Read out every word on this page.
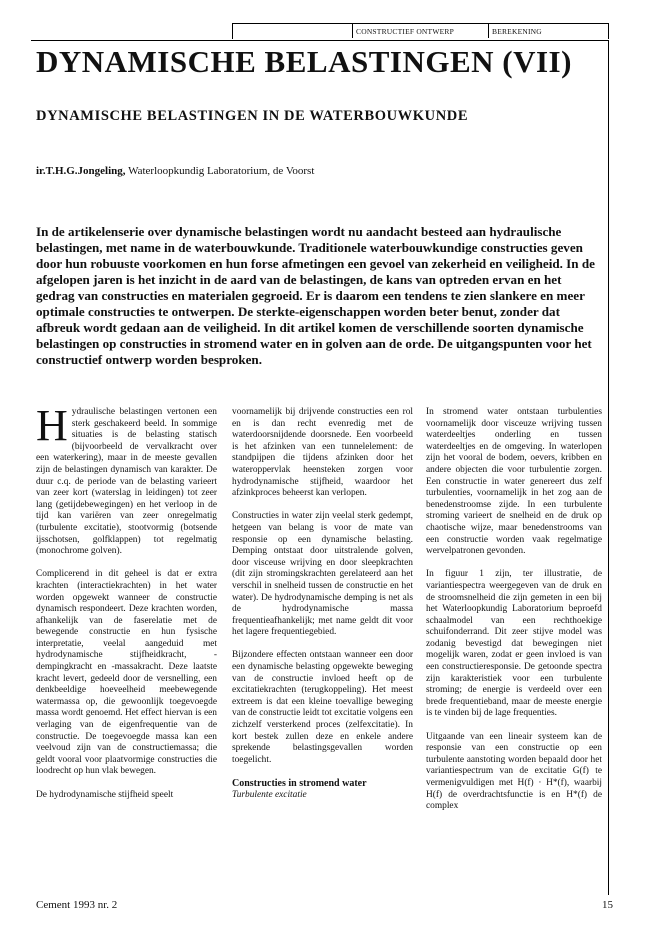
CONSTRUCTIEF ONTWERP	BEREKENING
DYNAMISCHE BELASTINGEN (VII)
DYNAMISCHE BELASTINGEN IN DE WATERBOUWKUNDE
ir.T.H.G.Jongeling, Waterloopkundig Laboratorium, de Voorst
In de artikelenserie over dynamische belastingen wordt nu aandacht besteed aan hydraulische belastingen, met name in de waterbouwkunde. Traditionele waterbouwkundige constructies geven door hun robuuste voorkomen en hun forse afmetingen een gevoel van zekerheid en veiligheid. In de afgelopen jaren is het inzicht in de aard van de belastingen, de kans van optreden ervan en het gedrag van constructies en materialen gegroeid. Er is daarom een tendens te zien slankere en meer optimale constructies te ontwerpen. De sterkte-eigenschappen worden beter benut, zonder dat afbreuk wordt gedaan aan de veiligheid. In dit artikel komen de verschillende soorten dynamische belastingen op constructies in stromend water en in golven aan de orde. De uitgangspunten voor het constructief ontwerp worden besproken.

Hydraulische belastingen vertonen een sterk geschakeerd beeld. In sommige situaties is de belasting statisch (bijvoorbeeld de vervalkracht over een waterkering), maar in de meeste gevallen zijn de belastingen dynamisch van karakter. De duur c.q. de periode van de belasting varieert van zeer kort (waterslag in leidingen) tot zeer lang (getijdebewegingen) en het verloop in de tijd kan variëren van zeer onregelmatig (turbulente excitatie), stootvormig (botsende ijsschotsen, golfklappen) tot regelmatig (monochrome golven).

Complicerend in dit geheel is dat er extra krachten (interactiekrachten) in het water worden opgewekt wanneer de constructie dynamisch respondeert. Deze krachten worden, afhankelijk van de faserelatie met de bewegende constructie en hun fysische interpretatie, veelal aangeduid met hydrodynamische stijfheidkracht, -dempingkracht en -massakracht. Deze laatste kracht levert, gedeeld door de versnelling, een denkbeeldige hoeveelheid meebewegende watermassa op, die gewoonlijk toegevoegde massa wordt genoemd. Het effect hiervan is een verlaging van de eigenfrequentie van de constructie. De toegevoegde massa kan een veelvoud zijn van de constructiemassa; die geldt vooral voor plaatvormige constructies die loodrecht op hun vlak bewegen.

De hydrodynamische stijfheid speelt

voornamelijk bij drijvende constructies een rol en is dan recht evenredig met de waterdoorsnijdende doorsnede. Een voorbeeld is het afzinken van een tunnelelement: de standpijpen die tijdens afzinken door het wateroppervlak heensteken zorgen voor hydrodynamische stijfheid, waardoor het afzinkproces beheerst kan verlopen.

Constructies in water zijn veelal sterk gedempt, hetgeen van belang is voor de mate van responsie op een dynamische belasting. Demping ontstaat door uitstralende golven, door visceuse wrijving en door sleepkrachten (dit zijn stromingskrachten gerelateerd aan het verschil in snelheid tussen de constructie en het water). De hydrodynamische demping is net als de hydrodynamische massa frequentieafhankelijk; met name geldt dit voor het lagere frequentiegebied.

Bijzondere effecten ontstaan wanneer een door een dynamische belasting opgewekte beweging van de constructie invloed heeft op de excitatiekrachten (terugkoppeling). Het meest extreem is dat een kleine toevallige beweging van de constructie leidt tot excitatie volgens een zichzelf versterkend proces (zelfexcitatie). In kort bestek zullen deze en enkele andere sprekende belastingsgevallen worden toegelicht.

Constructies in stromend water
Turbulente excitatie

In stromend water ontstaan turbulenties voornamelijk door visceuze wrijving tussen waterdeeltjes onderling en tussen waterdeeltjes en de omgeving. In waterlopen zijn het vooral de bodem, oevers, kribben en andere objecten die voor turbulentie zorgen. Een constructie in water genereert dus zelf turbulenties, voornamelijk in het zog aan de benedenstroomse zijde. In een turbulente stroming varieert de snelheid en de druk op chaotische wijze, maar benedenstrooms van een constructie worden vaak regelmatige wervelpatronen gevonden.

In figuur 1 zijn, ter illustratie, de variantiespectra weergegeven van de druk en de stroomsnelheid die zijn gemeten in een bij het Waterloopkundig Laboratorium beproefd schaalmodel van een rechthoekige schuifonderrand. Dit zeer stijve model was zodanig bevestigd dat bewegingen niet mogelijk waren, zodat er geen invloed is van een constructieresponsie. De getoonde spectra zijn karakteristiek voor een turbulente stroming; de energie is verdeeld over een brede frequentieband, maar de meeste energie is te vinden bij de lage frequenties.

Uitgaande van een lineair systeem kan de responsie van een constructie op een turbulente aanstoting worden bepaald door het variantiespectrum van de excitatie G(f) te vermenigvuldigen met H(f) · H*(f), waarbij H(f) de overdrachtsfunctie is en H*(f) de complex

Cement 1993 nr. 2	15
